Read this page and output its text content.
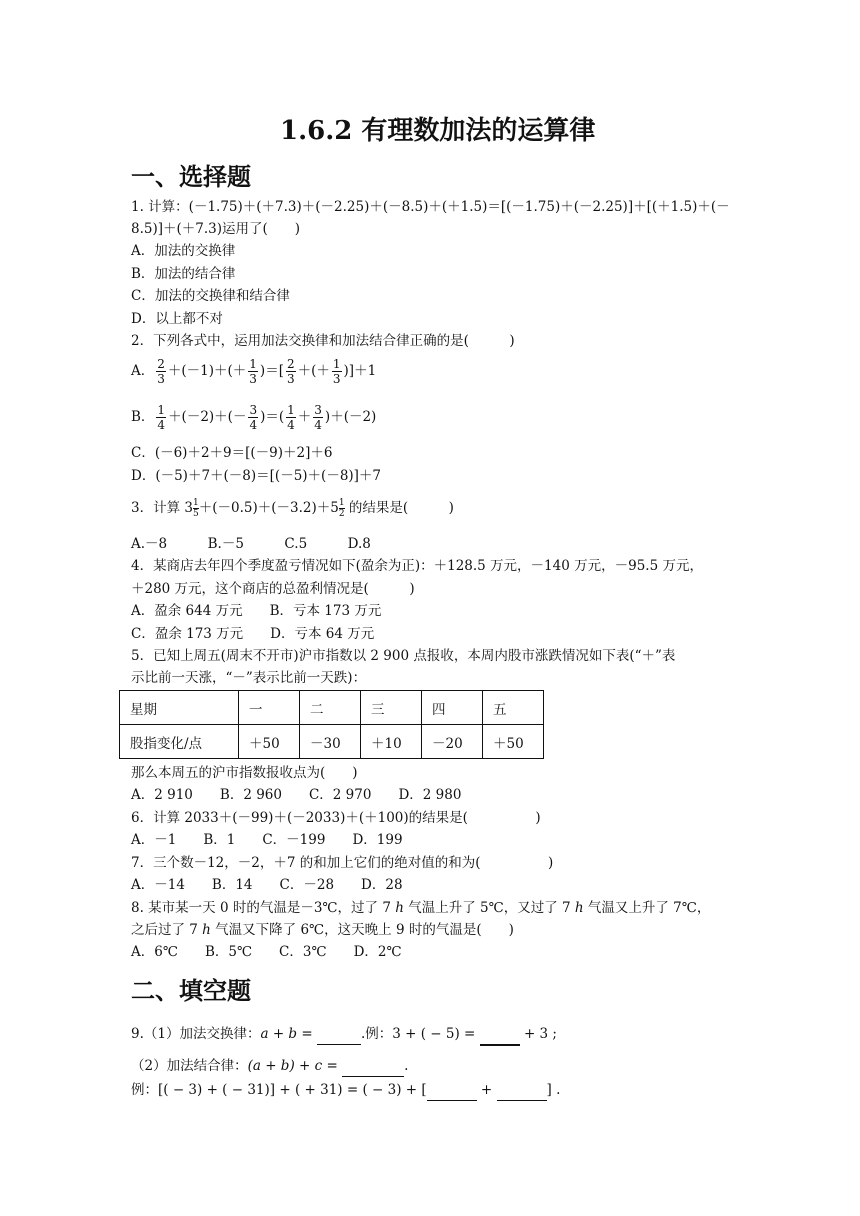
1.6.2 有理数加法的运算律
一、选择题
1. 计算：(－1.75)＋(＋7.3)＋(－2.25)＋(－8.5)＋(＋1.5)＝[(－1.75)＋(－2.25)]＋[(＋1.5)＋(－
8.5)]＋(＋7.3)运用了(　　)
A．加法的交换律
B．加法的结合律
C．加法的交换律和结合律
D．以上都不对
2．下列各式中，运用加法交换律和加法结合律正确的是(　　　)
A． $\frac{2}{3} +(-1)+(+ \frac{1}{3}$ )＝[ $\frac{2}{3}$ ＋(＋ $\frac{1}{3} )]+1$
B． $\frac{1}{4} +(-2)+(- \frac{3}{4}$ )＝( $\frac{1}{4} + \frac{3}{4} )+(-2)$
C．(－6)＋2＋9＝[(－9)＋2]＋6
D．(－5)＋7＋(－8)＝[(－5)＋(－8)]＋7
3．计算 $3 \frac{1}{5} +(-0.5)+(-3.2)+5 \frac{1}{2}$ 的结果是(　　　)
A.－8　　　B.－5　　　C.5　　　D.8
4．某商店去年四个季度盈亏情况如下(盈余为正)：＋128.5 万元，－140 万元，－95.5 万元，
＋280 万元，这个商店的总盈利情况是(　　　)
A．盈余 644 万元　　B．亏本 173 万元
C．盈余 173 万元　　D．亏本 64 万元
5．已知上周五(周末不开市)沪市指数以 2 900 点报收，本周内股市涨跌情况如下表(“＋”表
示比前一天涨，“－”表示比前一天跌)：
星期	一	二	三	四	五
股指变化/点	＋50	－30	＋10	－20	＋50
那么本周五的沪市指数报收点为(　　)
A．2 910　　B．2 960　　C．2 970　　D．2 980
6．计算 2033＋(－99)＋(－2033)＋(＋100)的结果是(　　　　　)
A．－1　　B．1　　C．－199　　D．199
7．三个数－12，－2，＋7 的和加上它们的绝对值的和为(　　　　　)
A．－14　　B．14　　C．－28　　D．28
8. 某市某一天 0 时的气温是－3℃，过了 7 h 气温上升了 5℃，又过了 7 h 气温又上升了 7℃，
之后过了 7 h 气温又下降了 6℃，这天晚上 9 时的气温是(　　)
A．6℃　　B．5℃　　C．3℃　　D．2℃
二、填空题
9.（1）加法交换律：a + b =	.例：3 + ( − 5) =	+ 3 ;
（2）加法结合律：(a + b) + c =	.
例：[( − 3) + ( − 31)] + ( + 31) = ( − 3) + [	+	] .
